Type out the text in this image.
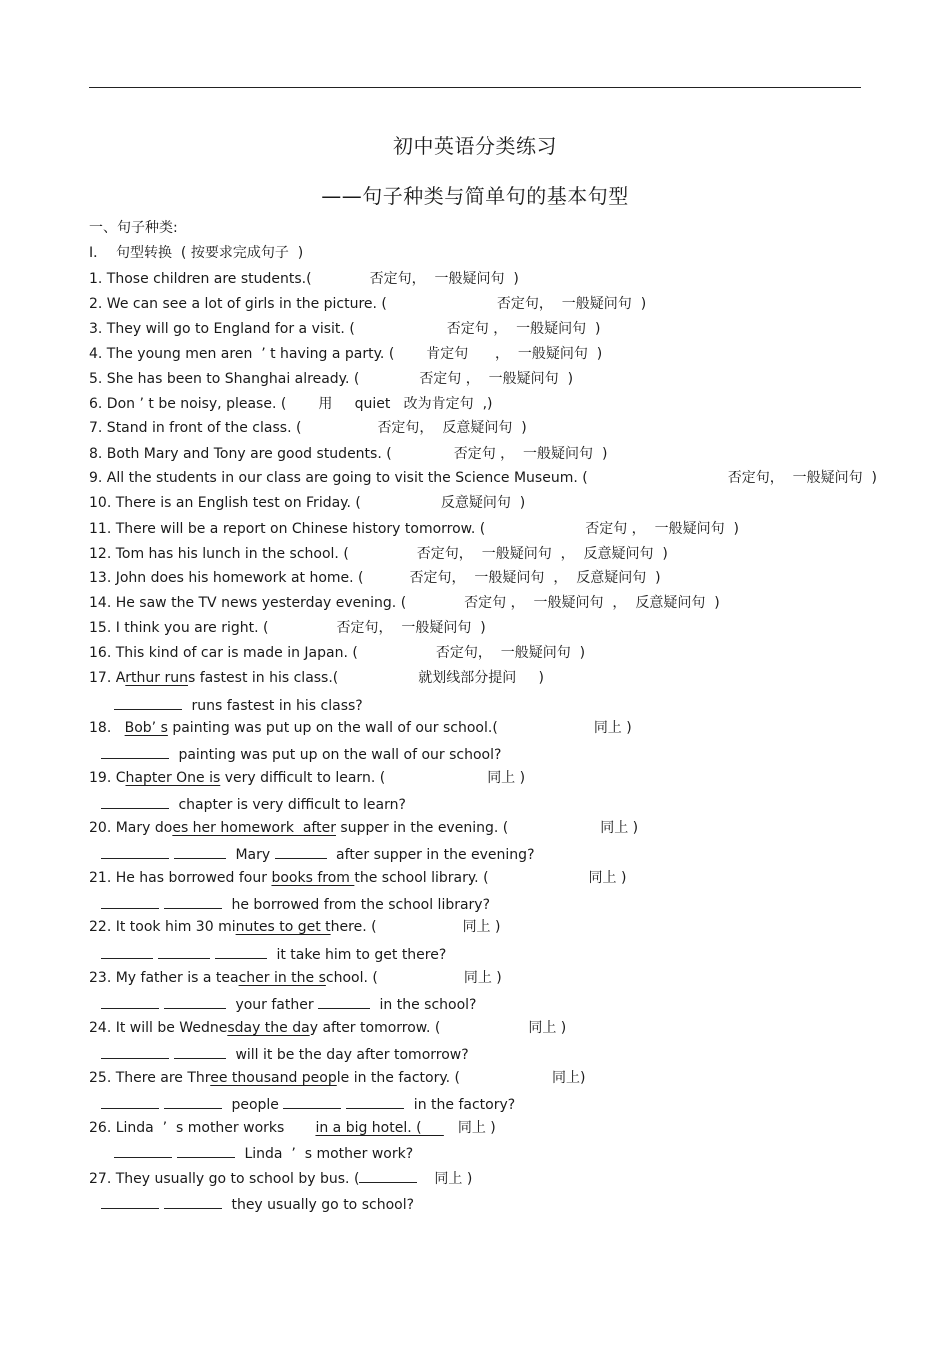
初中英语分类练习
——句子种类与简单句的基本句型
一、句子种类:
Ⅰ．  句型转换  ( 按要求完成句子  )
1. Those children are students.(	否定句，  一般疑问句  )
2. We can see a lot of girls in the picture. (	否定句，  一般疑问句  )
3. They will go to England for a visit. (	否定句 ，  一般疑问句  )
4. The young men aren  ’ t having a party. ( 肯定句      ，  一般疑问句  )
5. She has been to Shanghai already. (	否定句 ，  一般疑问句  )
6. Don ’ t be noisy, please. ( 用     quiet   改为肯定句  ,)
7. Stand in front of the class. (	否定句，  反意疑问句  )
8. Both Mary and Tony are good students. (	否定句 ，  一般疑问句  )
9. All the students in our class are going to visit the Science Museum. (	否定句，  一般疑问句  )
10. There is an English test on Friday. (	反意疑问句  )
11. There will be a report on Chinese history tomorrow. (	否定句 ，  一般疑问句  )
12. Tom has his lunch in the school. (	否定句，  一般疑问句  ，  反意疑问句  )
13. John does his homework at home. (	否定句，  一般疑问句  ，  反意疑问句  )
14. He saw the TV news yesterday evening. (	否定句 ，  一般疑问句  ，  反意疑问句  )
15. I think you are right. (	否定句，  一般疑问句  )
16. This kind of car is made in Japan. (	否定句，  一般疑问句  )
17. Arthur runs fastest in his class.(	就划线部分提问     )
runs fastest in his class?
18.   Bob’ s painting was put up on the wall of our school.(	同上 )
painting was put up on the wall of our school?
19. Chapter One is very difficult to learn. (	同上 )
chapter is very difficult to learn?
20. Mary does her homework  after supper in the evening. (	同上 )
Mary	after supper in the evening?
21. He has borrowed four books from the school library. (	同上 )
he borrowed from the school library?
22. It took him 30 minutes to get there. (	同上 )
it take him to get there?
23. My father is a teacher in the school. (	同上 )
your father	in the school?
24. It will be Wednesday the day after tomorrow. (	同上 )
will it be the day after tomorrow?
25. There are Three thousand people in the factory. (	同上)
people	in the factory?
26. Linda  ’  s mother works       in a big hotel. (     同上 )
Linda  ’  s mother work?
27. They usually go to school by bus. (	同上 )
they usually go to school?
